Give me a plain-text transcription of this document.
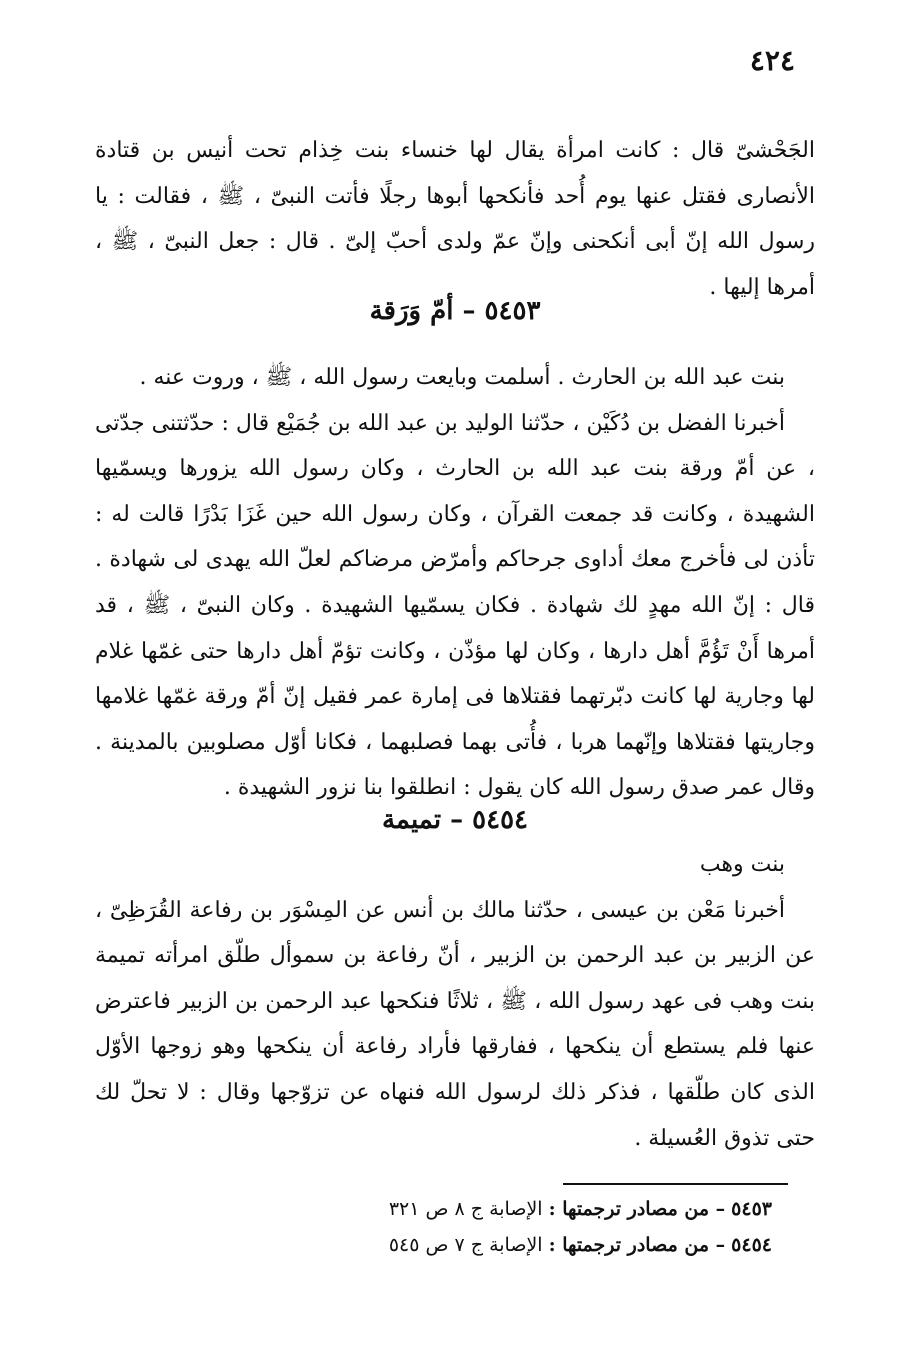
٤٢٤

الجَحْشىّ قال : كانت امرأة يقال لها خنساء بنت خِذام تحت أنيس بن قتادة الأنصارى فقتل عنها يوم أُحد فأنكحها أبوها رجلًا فأتت النبىّ ، ﷺ ، فقالت : يا رسول الله إنّ أبى أنكحنى وإنّ عمّ ولدى أحبّ إلىّ . قال : جعل النبىّ ، ﷺ ، أمرها إليها .

٥٤٥٣ – أمّ وَرَقة

بنت عبد الله بن الحارث . أسلمت وبايعت رسول الله ، ﷺ ، وروت عنه .

أخبرنا الفضل بن دُكَيْن ، حدّثنا الوليد بن عبد الله بن جُمَيْع قال : حدّثتنى جدّتى ، عن أمّ ورقة بنت عبد الله بن الحارث ، وكان رسول الله يزورها ويسمّيها الشهيدة ، وكانت قد جمعت القرآن ، وكان رسول الله حين غَزَا بَدْرًا قالت له : تأذن لى فأخرج معك أداوى جرحاكم وأمرّض مرضاكم لعلّ الله يهدى لى شهادة . قال : إنّ الله مهدٍ لك شهادة . فكان يسمّيها الشهيدة . وكان النبىّ ، ﷺ ، قد أمرها أَنْ تَؤُمَّ أهل دارها ، وكان لها مؤذّن ، وكانت تؤمّ أهل دارها حتى غمّها غلام لها وجارية لها كانت دبّرتهما فقتلاها فى إمارة عمر فقيل إنّ أمّ ورقة غمّها غلامها وجاريتها فقتلاها وإنّهما هربا ، فأُتى بهما فصلبهما ، فكانا أوّل مصلوبين بالمدينة . وقال عمر صدق رسول الله كان يقول : انطلقوا بنا نزور الشهيدة .

٥٤٥٤ – تميمة

بنت وهب

أخبرنا مَعْن بن عيسى ، حدّثنا مالك بن أنس عن المِسْوَر بن رفاعة القُرَظِىّ ، عن الزبير بن عبد الرحمن بن الزبير ، أنّ رفاعة بن سموأل طلّق امرأته تميمة بنت وهب فى عهد رسول الله ، ﷺ ، ثلاثًا فنكحها عبد الرحمن بن الزبير فاعترض عنها فلم يستطع أن ينكحها ، ففارقها فأراد رفاعة أن ينكحها وهو زوجها الأوّل الذى كان طلّقها ، فذكر ذلك لرسول الله فنهاه عن تزوّجها وقال : لا تحلّ لك حتى تذوق العُسيلة .

٥٤٥٣ – من مصادر ترجمتها : الإصابة ج ٨ ص ٣٢١

٥٤٥٤ – من مصادر ترجمتها : الإصابة ج ٧ ص ٥٤٥
